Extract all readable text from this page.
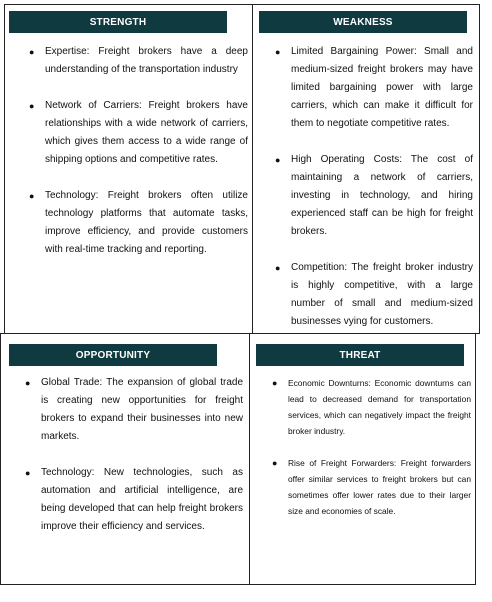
STRENGTH
● Expertise: Freight brokers have a deep understanding of the transportation industry
● Network of Carriers: Freight brokers have relationships with a wide network of carriers, which gives them access to a wide range of shipping options and competitive rates.
● Technology: Freight brokers often utilize technology platforms that automate tasks, improve efficiency, and provide customers with real-time tracking and reporting.
WEAKNESS
● Limited Bargaining Power: Small and medium-sized freight brokers may have limited bargaining power with large carriers, which can make it difficult for them to negotiate competitive rates.
● High Operating Costs: The cost of maintaining a network of carriers, investing in technology, and hiring experienced staff can be high for freight brokers.
● Competition: The freight broker industry is highly competitive, with a large number of small and medium-sized businesses vying for customers.
OPPORTUNITY
● Global Trade: The expansion of global trade is creating new opportunities for freight brokers to expand their businesses into new markets.
● Technology: New technologies, such as automation and artificial intelligence, are being developed that can help freight brokers improve their efficiency and services.
THREAT
● Economic Downturns: Economic downturns can lead to decreased demand for transportation services, which can negatively impact the freight broker industry.
● Rise of Freight Forwarders: Freight forwarders offer similar services to freight brokers but can sometimes offer lower rates due to their larger size and economies of scale.
